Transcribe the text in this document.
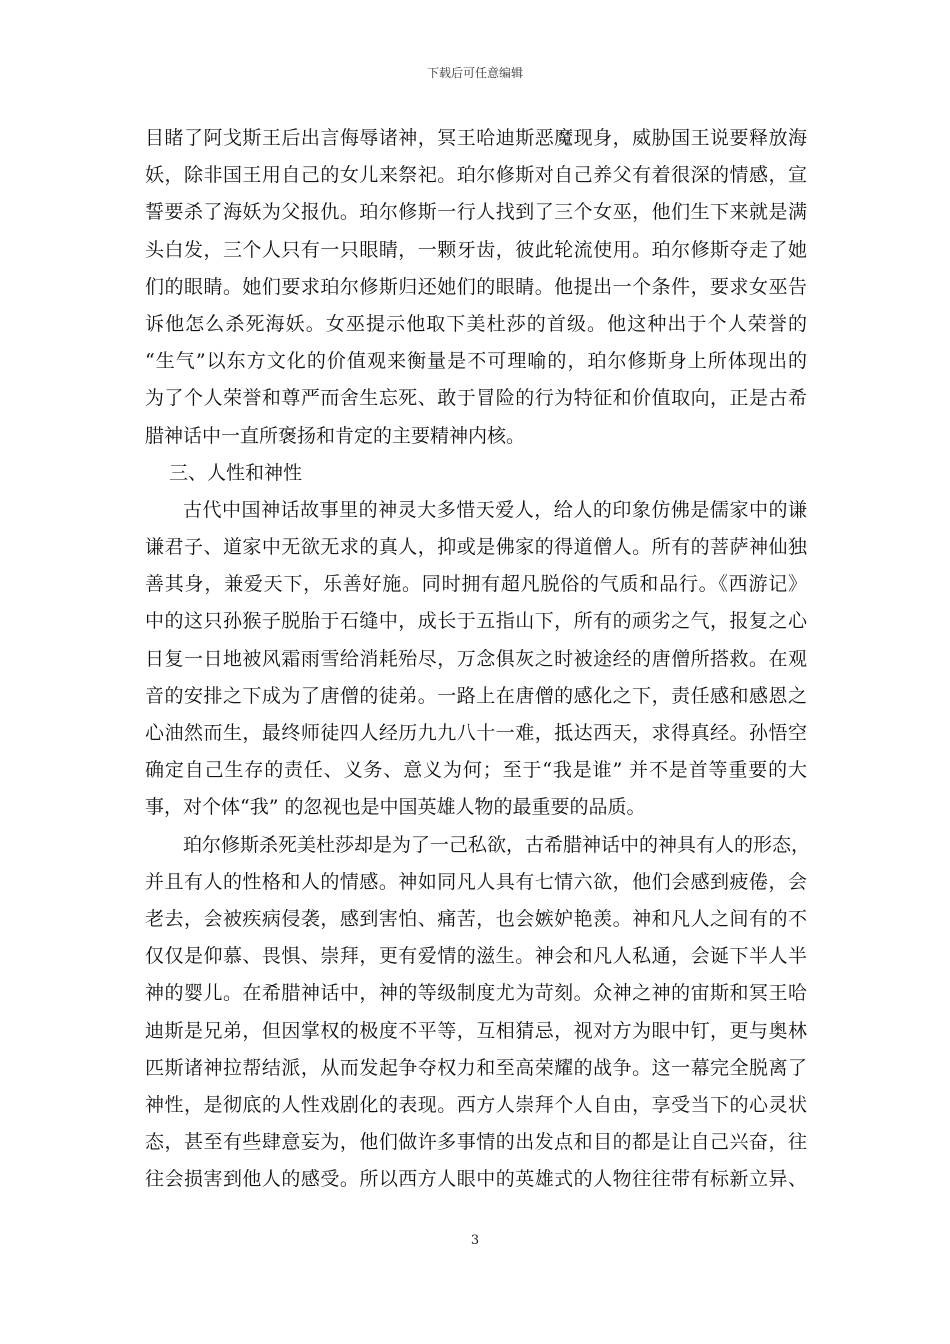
下载后可任意编辑
目睹了阿戈斯王后出言侮辱诸神，冥王哈迪斯恶魔现身，威胁国王说要释放海
妖，除非国王用自己的女儿来祭祀。珀尔修斯对自己养父有着很深的情感，宣
誓要杀了海妖为父报仇。珀尔修斯一行人找到了三个女巫，他们生下来就是满
头白发，三个人只有一只眼睛，一颗牙齿，彼此轮流使用。珀尔修斯夺走了她
们的眼睛。她们要求珀尔修斯归还她们的眼睛。他提出一个条件，要求女巫告
诉他怎么杀死海妖。女巫提示他取下美杜莎的首级。他这种出于个人荣誉的
“生气”以东方文化的价值观来衡量是不可理喻的，珀尔修斯身上所体现出的
为了个人荣誉和尊严而舍生忘死、敢于冒险的行为特征和价值取向，正是古希
腊神话中一直所褒扬和肯定的主要精神内核。
三、人性和神性
古代中国神话故事里的神灵大多惜天爱人，给人的印象仿佛是儒家中的谦
谦君子、道家中无欲无求的真人，抑或是佛家的得道僧人。所有的菩萨神仙独
善其身，兼爱天下，乐善好施。同时拥有超凡脱俗的气质和品行。《西游记》
中的这只孙猴子脱胎于石缝中，成长于五指山下，所有的顽劣之气，报复之心
日复一日地被风霜雨雪给消耗殆尽，万念俱灰之时被途经的唐僧所搭救。在观
音的安排之下成为了唐僧的徒弟。一路上在唐僧的感化之下，责任感和感恩之
心油然而生，最终师徒四人经历九九八十一难，抵达西天，求得真经。孙悟空
确定自己生存的责任、义务、意义为何；至于“我是谁” 并不是首等重要的大
事，对个体“我” 的忽视也是中国英雄人物的最重要的品质。
珀尔修斯杀死美杜莎却是为了一己私欲，古希腊神话中的神具有人的形态，
并且有人的性格和人的情感。神如同凡人具有七情六欲，他们会感到疲倦，会
老去，会被疾病侵袭，感到害怕、痛苦，也会嫉妒艳羡。神和凡人之间有的不
仅仅是仰慕、畏惧、崇拜，更有爱情的滋生。神会和凡人私通，会诞下半人半
神的婴儿。在希腊神话中，神的等级制度尤为苛刻。众神之神的宙斯和冥王哈
迪斯是兄弟，但因掌权的极度不平等，互相猜忌，视对方为眼中钉，更与奥林
匹斯诸神拉帮结派，从而发起争夺权力和至高荣耀的战争。这一幕完全脱离了
神性，是彻底的人性戏剧化的表现。西方人崇拜个人自由，享受当下的心灵状
态，甚至有些肆意妄为，他们做许多事情的出发点和目的都是让自己兴奋，往
往会损害到他人的感受。所以西方人眼中的英雄式的人物往往带有标新立异、
3
